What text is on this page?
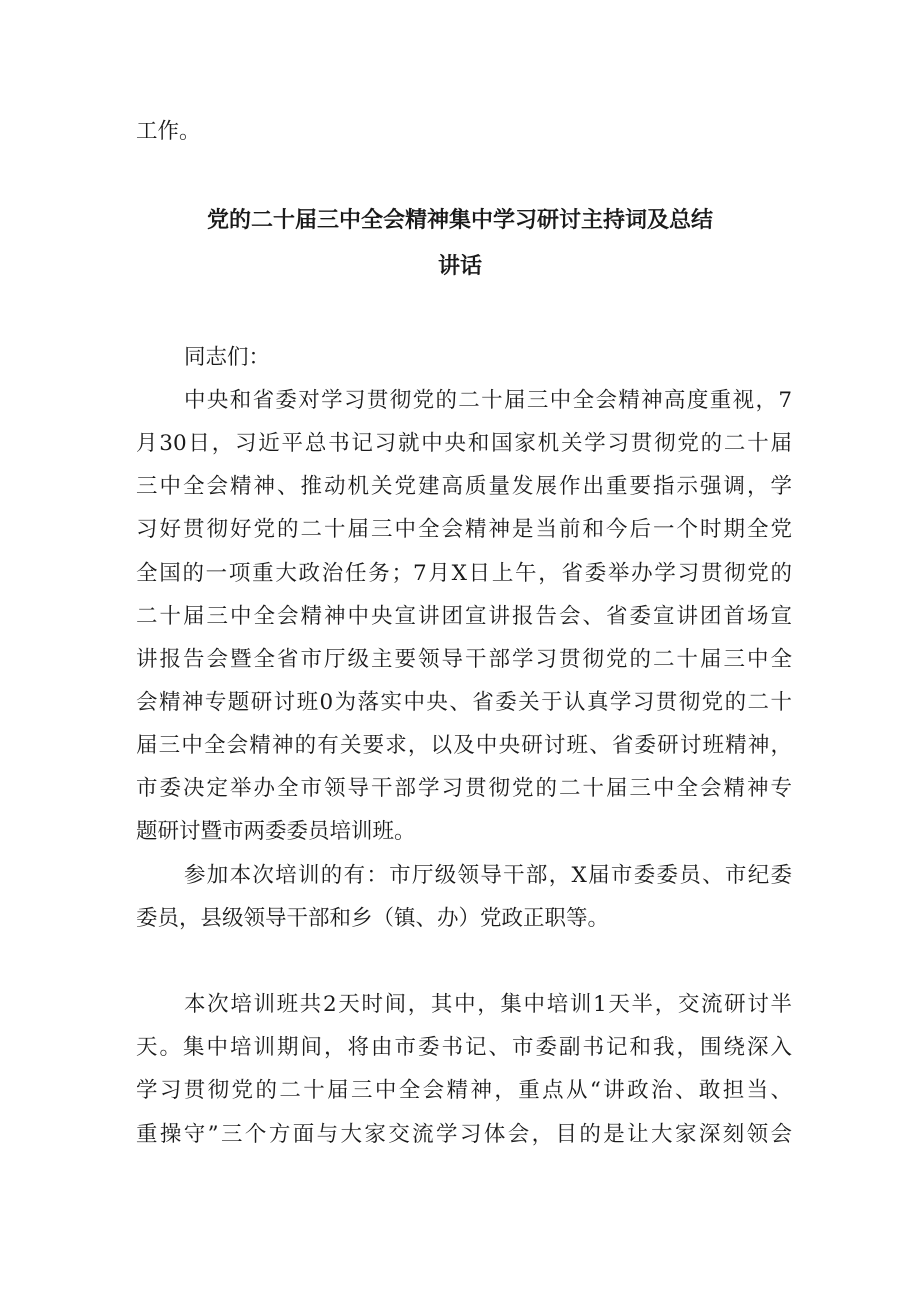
工作。
党的二十届三中全会精神集中学习研讨主持词及总结
讲话
同志们：
中央和省委对学习贯彻党的二十届三中全会精神高度重视，7
月30日，习近平总书记习就中央和国家机关学习贯彻党的二十届
三中全会精神、推动机关党建高质量发展作出重要指示强调，学
习好贯彻好党的二十届三中全会精神是当前和今后一个时期全党
全国的一项重大政治任务；7月X日上午，省委举办学习贯彻党的
二十届三中全会精神中央宣讲团宣讲报告会、省委宣讲团首场宣
讲报告会暨全省市厅级主要领导干部学习贯彻党的二十届三中全
会精神专题研讨班0为落实中央、省委关于认真学习贯彻党的二十
届三中全会精神的有关要求，以及中央研讨班、省委研讨班精神，
市委决定举办全市领导干部学习贯彻党的二十届三中全会精神专
题研讨暨市两委委员培训班。
参加本次培训的有：市厅级领导干部，X届市委委员、市纪委
委员，县级领导干部和乡（镇、办）党政正职等。
本次培训班共2天时间，其中，集中培训1天半，交流研讨半
天。集中培训期间，将由市委书记、市委副书记和我，围绕深入
学习贯彻党的二十届三中全会精神，重点从“讲政治、敢担当、
重操守”三个方面与大家交流学习体会，目的是让大家深刻领会
